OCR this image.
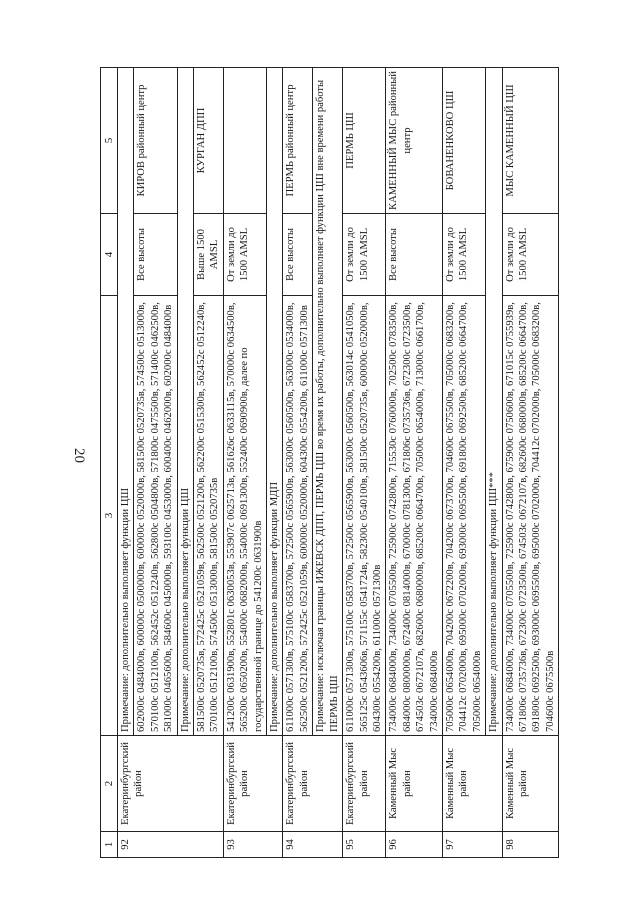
20
1	2	3	4	5
92	Екатеринбургский район	Примечание: дополнительно выполняет функции ЦШ		
		602000с 0484000в, 600000с 0500000в, 600000с 0520000в, 581500с 0520735в, 574500с 0513000в, 570100с 0512100в, 562452с 0512240в, 562800с 0504800в, 571800с 0475500в, 571400с 0462500в, 581000с 0465600в, 584600с 0450000в, 593100с 0453000в, 600400с 0462000в, 602000с 0484000в	Все высоты	КИРОВ районный центр
		Примечание: дополнительно выполняет функции ЦШ		
		581500с 0520735в, 572425с 0521059в, 562500с 0521200в, 562200с 0515300в, 562452с 0512240в, 570100с 0512100в, 574500с 0513000в, 581500с 0520735в	Выше 1500 AMSL	КУРГАН ДПП
93	Екатеринбургский район	541200с 0631900в, 552801с 0630053в, 553907с 0625713в, 561626с 0633115в, 570000с 0634500в, 565200с 0650200в, 554000с 0682000в, 554000с 0691300в, 552400с 0690900в, далее по государственной границе до 541200с 0631900в	От земли до 1500 AMSL	
		Примечание: дополнительно выполняет функции МДП		
94	Екатеринбургский район	611000с 0571300в, 575100с 0583700в, 572500с 0565900в, 563000с 0560500в, 563000с 0534000в, 562500с 0521200в, 572425с 0521059в, 600000с 0520000в, 604300с 0554200в, 611000с 0571300в	Все высоты	ПЕРМЬ районный центр
		Примечание: исключая границы ИЖЕВСК ДПП, ПЕРМЬ ЦШ во время их работы, дополнительно выполняет функции ЦШ вне времени работы ПЕРМЬ ЦШ		
95	Екатеринбургский район	611000с 0571300в, 575100с 0583700в, 572500с 0565900в, 563000с 0560500в, 563014с 0541050в, 565125с 0543606в, 571155с 0541724в, 582300с 0540100в, 581500с 0520735в, 600000с 0520000в, 604300с 0554200в, 611000с 0571300в	От земли до 1500 AMSL	ПЕРМЬ ЦШ
96	Каменный Мыс район	734000с 0684000в, 734000с 0705500в, 725900с 0742800в, 715530с 0760000в, 702500с 0783500в, 684000с 0800000в, 672400с 0814000в, 670000с 0781300в, 671806с 0735736в, 672300с 0723500в, 674503с 0672107в, 682600с 0680000в, 685200с 0664700в, 705000с 0654000в, 713000с 0661700в, 734000с 0684000в	Все высоты	КАМЕННЫЙ МЫС районный центр
97	Каменный Мыс район	705000с 0654000в, 704200с 0672200в, 704200с 0673700в, 704600с 0675500в, 705000с 0683200в, 704412с 0702000в, 695000с 0702000в, 693000с 0695500в, 691800с 0692500в, 685200с 0664700в, 705000с 0654000в	От земли до 1500 AMSL	БОВАНЕНКОВО ЦШ
		Примечание: дополнительно выполняет функции ЦШ***		
98	Каменный Мыс район	734000с 0684000в, 734000с 0705500в, 725900с 0742800в, 675900с 0750600в, 671015с 0755939в, 671806с 0735736в, 672300с 0723500в, 674503с 0672107в, 682600с 0680000в, 685200с 0664700в, 691800с 0692500в, 693000с 0695500в, 695000с 0702000в, 704412с 0702000в, 705000с 0683200в, 704600с 0675500в	От земли до 1500 AMSL	МЫС КАМЕННЫЙ ЦШ
